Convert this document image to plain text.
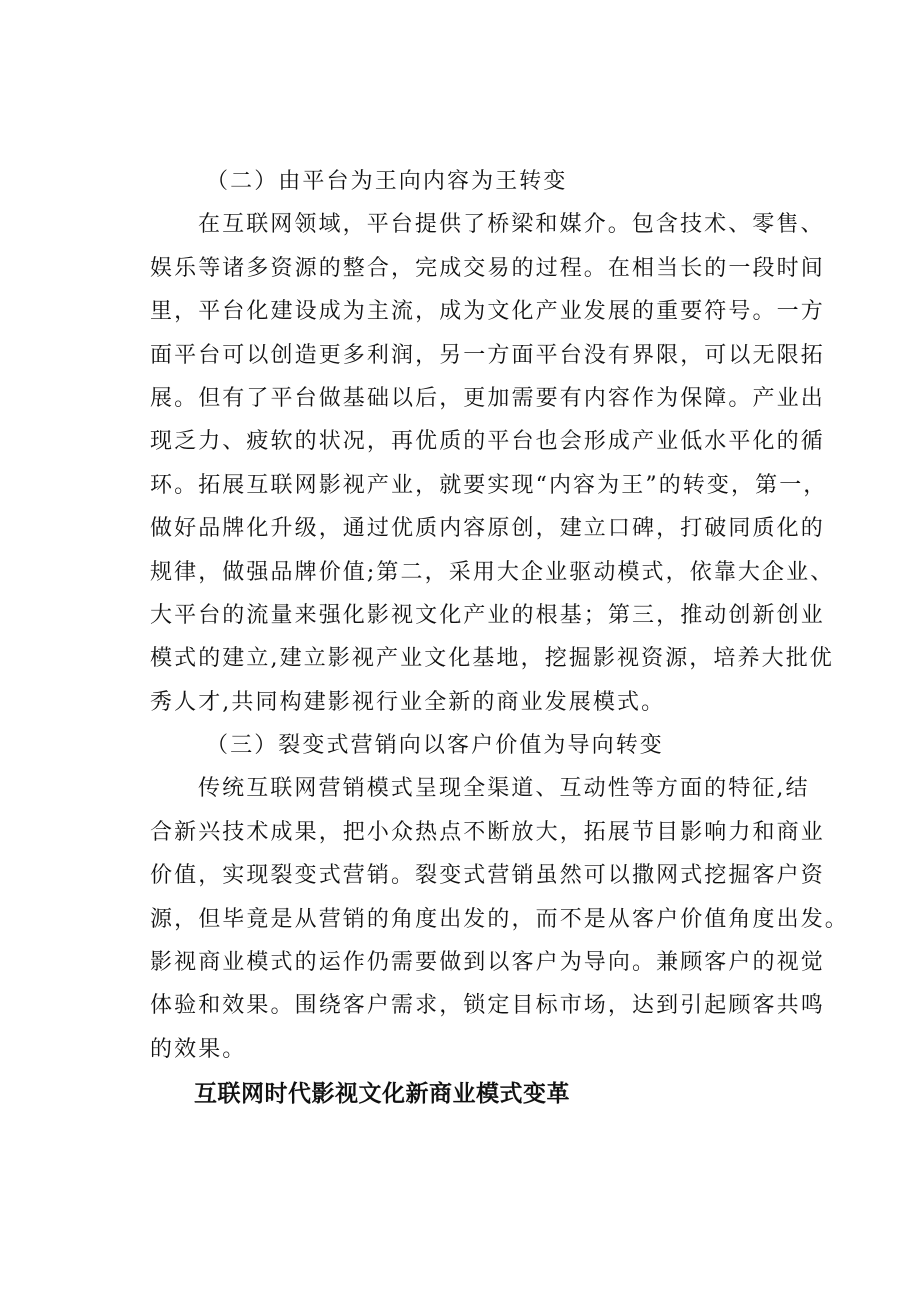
（二）由平台为王向内容为王转变
在互联网领域，平台提供了桥梁和媒介。包含技术、零售、
娱乐等诸多资源的整合，完成交易的过程。在相当长的一段时间
里，平台化建设成为主流，成为文化产业发展的重要符号。一方
面平台可以创造更多利润，另一方面平台没有界限，可以无限拓
展。但有了平台做基础以后，更加需要有内容作为保障。产业出
现乏力、疲软的状况，再优质的平台也会形成产业低水平化的循
环。拓展互联网影视产业，就要实现“内容为王”的转变，第一，
做好品牌化升级，通过优质内容原创，建立口碑，打破同质化的
规律，做强品牌价值;第二，采用大企业驱动模式，依靠大企业、
大平台的流量来强化影视文化产业的根基；第三，推动创新创业
模式的建立,建立影视产业文化基地，挖掘影视资源，培养大批优
秀人才,共同构建影视行业全新的商业发展模式。
（三）裂变式营销向以客户价值为导向转变
传统互联网营销模式呈现全渠道、互动性等方面的特征,结
合新兴技术成果，把小众热点不断放大，拓展节目影响力和商业
价值，实现裂变式营销。裂变式营销虽然可以撒网式挖掘客户资
源，但毕竟是从营销的角度出发的，而不是从客户价值角度出发。
影视商业模式的运作仍需要做到以客户为导向。兼顾客户的视觉
体验和效果。围绕客户需求，锁定目标市场，达到引起顾客共鸣
的效果。
互联网时代影视文化新商业模式变革
